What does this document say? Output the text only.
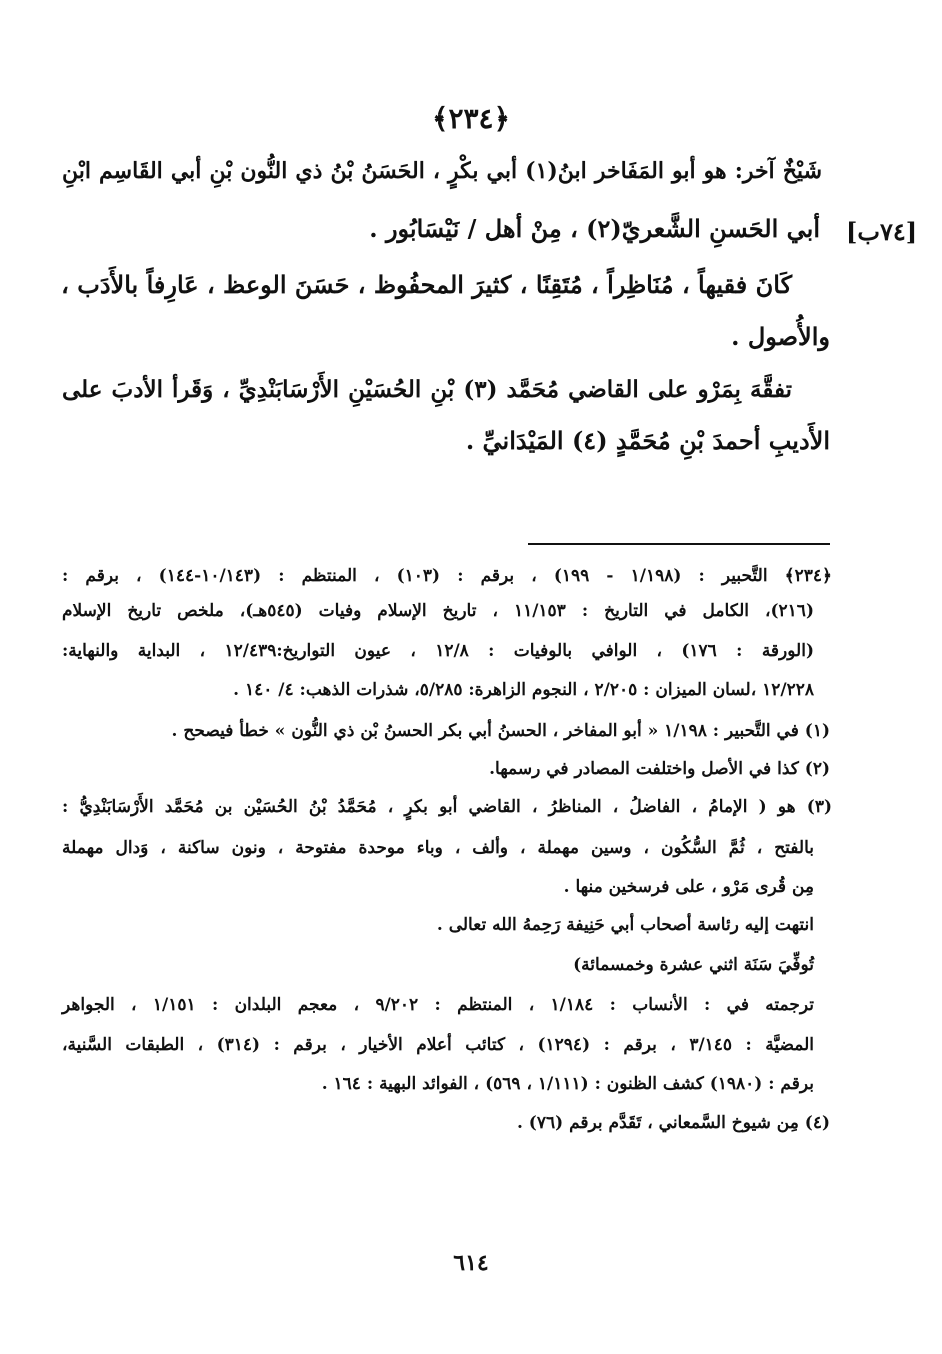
﴿٢٣٤﴾
شَيْخٌ آخر: هو أبو المَفَاخر ابنُ(١) أبي بكْرٍ ، الحَسَنُ بْنُ ذي النُّون بْنِ أبي القَاسِم ابْنِ
أبي الحَسنِ الشَّعريّ(٢) ، مِنْ أهل / نَيْسَابُور . [٧٤ب]
كَانَ فقيهاً ، مُنَاظِراً ، مُتَقِنًا ، كثيرَ المحفُوظ ، حَسَنَ الوعظ ، عَارِفاً بالأَدَب ،
والأُصول .
تفقَّهَ بِمَرْو على القاضي مُحَمَّد (٣) بْنِ الحُسَيْنِ الأَرْسَابَنْدِيِّ ، وَقَرأ الأدبَ على
الأَديبِ أحمدَ بْنِ مُحَمَّدٍ (٤) المَيْدَانيِّ .
﴿٢٣٤﴾ التَّحبير : (١/١٩٨ - ١٩٩) ، برقم : (١٠٣) ، المنتظم : (١٠/١٤٣-١٤٤) ، برقم :
(٢١٦)، الكامل في التاريخ : ١١/١٥٣ ، تاريخ الإسلام وفيات (٥٤٥هـ)، ملخص تاريخ الإسلام
(الورقة : ١٧٦) ، الوافي بالوفيات : ١٢/٨ ، عيون التواريخ:١٢/٤٣٩ ، البداية والنهاية:
١٢/٢٢٨ ،لسان الميزان : ٢/٢٠٥ ، النجوم الزاهرة: ٥/٢٨٥، شذرات الذهب: ٤/ ١٤٠ .
(١) في التَّحبير : ١/١٩٨ « أبو المفاخر ، الحسنُ أبي بكر الحسنُ بْن ذي النُّون » خطأ فيصحح .
(٢) كذا في الأصل واختلفت المصادر في رسمها.
(٣) هو ( الإمامُ ، الفاضلُ ، المناظرُ ، القاضي أبو بكرٍ ، مُحَمَّدُ بْنُ الحُسَيْن بن مُحَمَّد الأَرْسَابَنْدِيُّ :
بالفتح ، ثُمَّ السُّكُون ، وسين مهملة ، وألف ، وباء موحدة مفتوحة ، ونون ساكنة ، وَدال مهملة
مِن قُرى مَرْو ، على فرسخين منها .
انتهت إليه رئاسة أصحاب أبي حَنِيفة رَحِمهُ الله تعالى .
تُوفِّيَ سَنَة اثني عشرة وخمسمائة)
ترجمته في : الأنساب : ١/١٨٤ ، المنتظم : ٩/٢٠٢ ، معجم البلدان : ١/١٥١ ، الجواهر
المضيَّة : ٣/١٤٥ ، برقم : (١٢٩٤) ، كتائب أعلام الأخيار ، برقم : (٣١٤) ، الطبقات السَّنية،
برقم : (١٩٨٠) كشف الظنون : (١/١١١ ، ٥٦٩) ، الفوائد البهية : ١٦٤ .
(٤) مِن شيوخ السَّمعاني ، تَقَدَّم برقم (٧٦) .
٦١٤
